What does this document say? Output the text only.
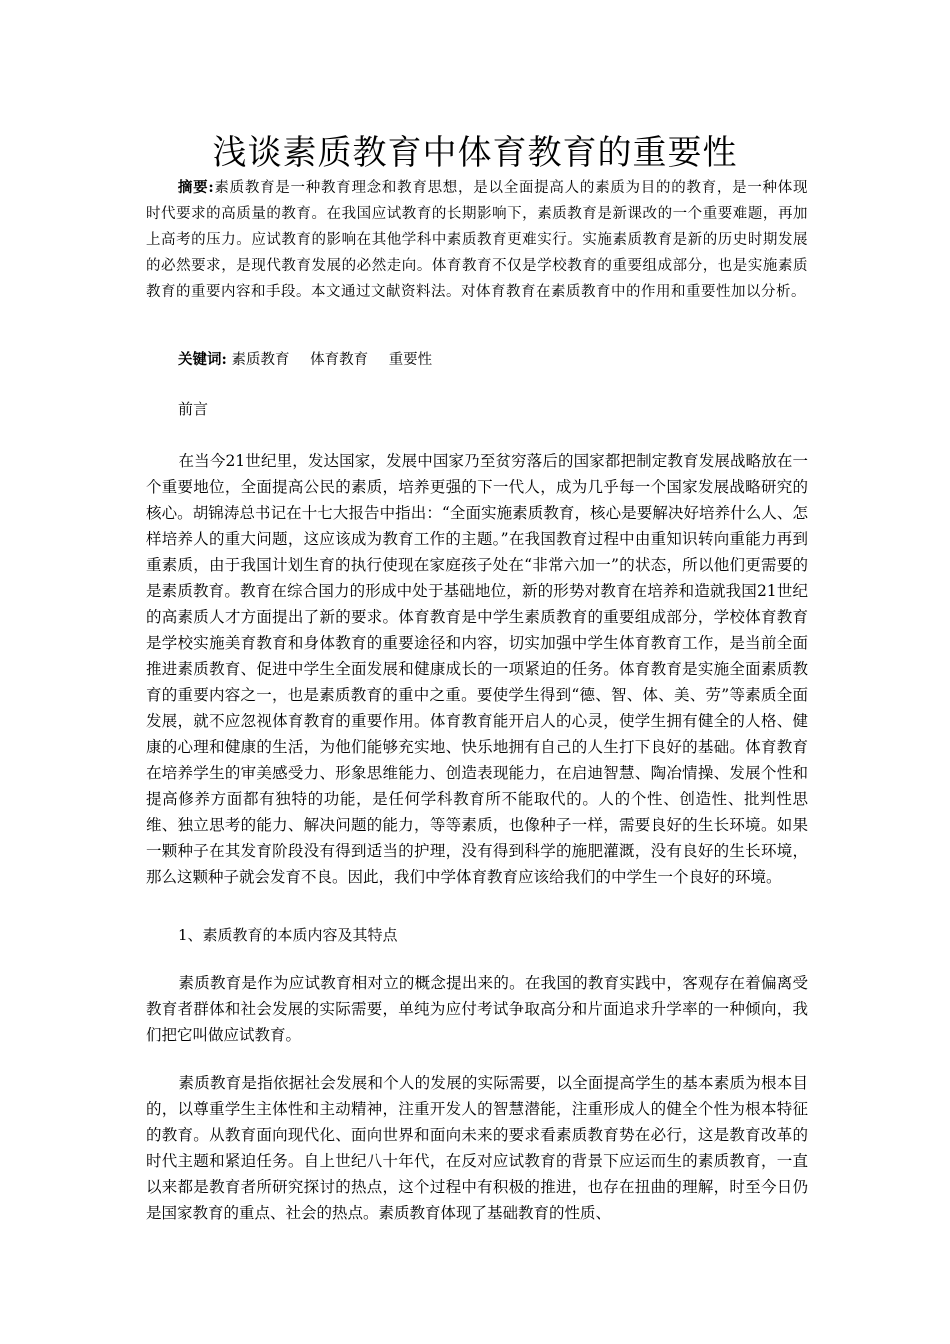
浅谈素质教育中体育教育的重要性

摘要:素质教育是一种教育理念和教育思想，是以全面提高人的素质为目的的教育，是一种体现时代要求的高质量的教育。在我国应试教育的长期影响下，素质教育是新课改的一个重要难题，再加上高考的压力。应试教育的影响在其他学科中素质教育更难实行。实施素质教育是新的历史时期发展的必然要求，是现代教育发展的必然走向。体育教育不仅是学校教育的重要组成部分，也是实施素质教育的重要内容和手段。本文通过文献资料法。对体育教育在素质教育中的作用和重要性加以分析。

关键词: 素质教育 体育教育 重要性

前言

在当今21世纪里，发达国家，发展中国家乃至贫穷落后的国家都把制定教育发展战略放在一个重要地位，全面提高公民的素质，培养更强的下一代人，成为几乎每一个国家发展战略研究的核心。胡锦涛总书记在十七大报告中指出：“全面实施素质教育，核心是要解决好培养什么人、怎样培养人的重大问题，这应该成为教育工作的主题。”在我国教育过程中由重知识转向重能力再到重素质，由于我国计划生育的执行使现在家庭孩子处在“非常六加一”的状态，所以他们更需要的是素质教育。教育在综合国力的形成中处于基础地位，新的形势对教育在培养和造就我国21世纪的高素质人才方面提出了新的要求。体育教育是中学生素质教育的重要组成部分，学校体育教育是学校实施美育教育和身体教育的重要途径和内容，切实加强中学生体育教育工作，是当前全面推进素质教育、促进中学生全面发展和健康成长的一项紧迫的任务。体育教育是实施全面素质教育的重要内容之一，也是素质教育的重中之重。要使学生得到“德、智、体、美、劳”等素质全面发展，就不应忽视体育教育的重要作用。体育教育能开启人的心灵，使学生拥有健全的人格、健康的心理和健康的生活，为他们能够充实地、快乐地拥有自己的人生打下良好的基础。体育教育在培养学生的审美感受力、形象思维能力、创造表现能力，在启迪智慧、陶冶情操、发展个性和提高修养方面都有独特的功能，是任何学科教育所不能取代的。人的个性、创造性、批判性思维、独立思考的能力、解决问题的能力，等等素质，也像种子一样，需要良好的生长环境。如果一颗种子在其发育阶段没有得到适当的护理，没有得到科学的施肥灌溉，没有良好的生长环境，那么这颗种子就会发育不良。因此，我们中学体育教育应该给我们的中学生一个良好的环境。

1、素质教育的本质内容及其特点

素质教育是作为应试教育相对立的概念提出来的。在我国的教育实践中，客观存在着偏离受教育者群体和社会发展的实际需要，单纯为应付考试争取高分和片面追求升学率的一种倾向，我们把它叫做应试教育。

素质教育是指依据社会发展和个人的发展的实际需要，以全面提高学生的基本素质为根本目的，以尊重学生主体性和主动精神，注重开发人的智慧潜能，注重形成人的健全个性为根本特征的教育。从教育面向现代化、面向世界和面向未来的要求看素质教育势在必行，这是教育改革的时代主题和紧迫任务。自上世纪八十年代，在反对应试教育的背景下应运而生的素质教育，一直以来都是教育者所研究探讨的热点，这个过程中有积极的推进，也存在扭曲的理解，时至今日仍是国家教育的重点、社会的热点。素质教育体现了基础教育的性质、
